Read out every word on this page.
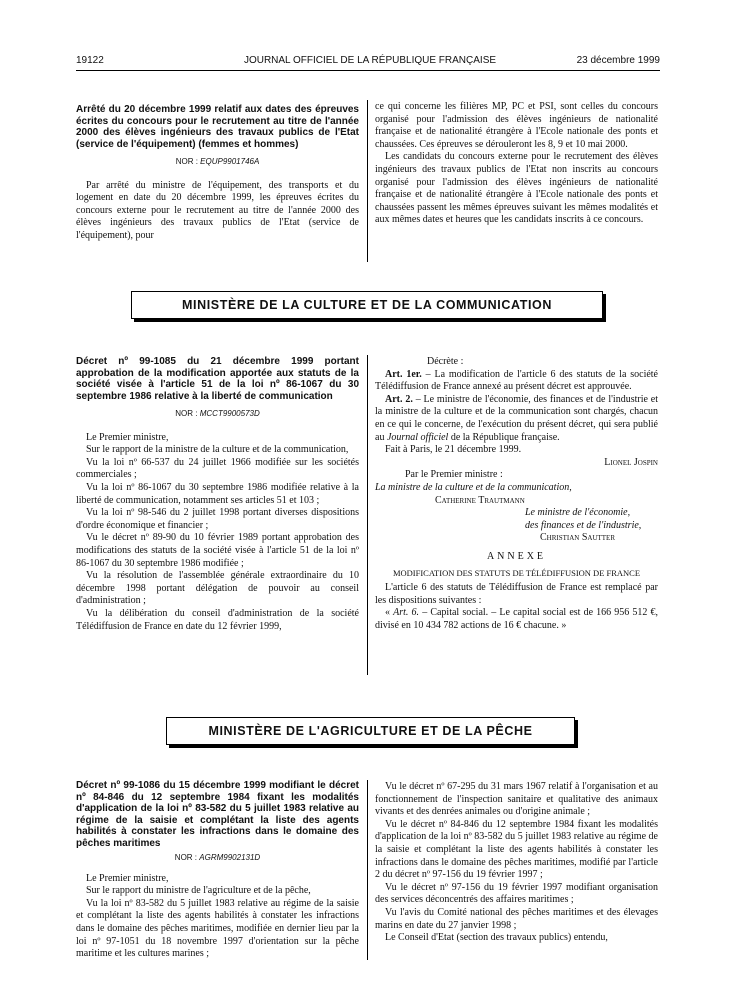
19122	JOURNAL OFFICIEL DE LA RÉPUBLIQUE FRANÇAISE	23 décembre 1999
Arrêté du 20 décembre 1999 relatif aux dates des épreuves écrites du concours pour le recrutement au titre de l'année 2000 des élèves ingénieurs des travaux publics de l'Etat (service de l'équipement) (femmes et hommes)
NOR : EQUP9901746A

Par arrêté du ministre de l'équipement, des transports et du logement en date du 20 décembre 1999, les épreuves écrites du concours externe pour le recrutement au titre de l'année 2000 des élèves ingénieurs des travaux publics de l'Etat (service de l'équipement), pour

ce qui concerne les filières MP, PC et PSI, sont celles du concours organisé pour l'admission des élèves ingénieurs de nationalité française et de nationalité étrangère à l'Ecole nationale des ponts et chaussées. Ces épreuves se dérouleront les 8, 9 et 10 mai 2000.

Les candidats du concours externe pour le recrutement des élèves ingénieurs des travaux publics de l'Etat non inscrits au concours organisé pour l'admission des élèves ingénieurs de nationalité française et de nationalité étrangère à l'Ecole nationale des ponts et chaussées passent les mêmes épreuves suivant les mêmes modalités et aux mêmes dates et heures que les candidats inscrits à ce concours.

MINISTÈRE DE LA CULTURE ET DE LA COMMUNICATION
Décret nº 99-1085 du 21 décembre 1999 portant approbation de la modification apportée aux statuts de la société visée à l'article 51 de la loi nº 86-1067 du 30 septembre 1986 relative à la liberté de communication
NOR : MCCT9900573D

Le Premier ministre,

Sur le rapport de la ministre de la culture et de la communication,

Vu la loi nº 66-537 du 24 juillet 1966 modifiée sur les sociétés commerciales ;

Vu la loi nº 86-1067 du 30 septembre 1986 modifiée relative à la liberté de communication, notamment ses articles 51 et 103 ;

Vu la loi nº 98-546 du 2 juillet 1998 portant diverses dispositions d'ordre économique et financier ;

Vu le décret nº 89-90 du 10 février 1989 portant approbation des modifications des statuts de la société visée à l'article 51 de la loi nº 86-1067 du 30 septembre 1986 modifiée ;

Vu la résolution de l'assemblée générale extraordinaire du 10 décembre 1998 portant délégation de pouvoir au conseil d'administration ;

Vu la délibération du conseil d'administration de la société Télédiffusion de France en date du 12 février 1999,

Décrète :

Art. 1er. – La modification de l'article 6 des statuts de la société Télédiffusion de France annexé au présent décret est approuvée.

Art. 2. – Le ministre de l'économie, des finances et de l'industrie et la ministre de la culture et de la communication sont chargés, chacun en ce qui le concerne, de l'exécution du présent décret, qui sera publié au Journal officiel de la République française.

Fait à Paris, le 21 décembre 1999.

Lionel Jospin
Par le Premier ministre :
La ministre de la culture et de la communication,
Catherine Trautmann
Le ministre de l'économie,
des finances et de l'industrie,
Christian Sautter
ANNEXE
MODIFICATION DES STATUTS DE TÉLÉDIFFUSION DE FRANCE

L'article 6 des statuts de Télédiffusion de France est remplacé par les dispositions suivantes :

« Art. 6. – Capital social. – Le capital social est de 166 956 512 €, divisé en 10 434 782 actions de 16 € chacune. »

MINISTÈRE DE L'AGRICULTURE ET DE LA PÊCHE
Décret nº 99-1086 du 15 décembre 1999 modifiant le décret nº 84-846 du 12 septembre 1984 fixant les modalités d'application de la loi nº 83-582 du 5 juillet 1983 relative au régime de la saisie et complétant la liste des agents habilités à constater les infractions dans le domaine des pêches maritimes
NOR : AGRM9902131D

Le Premier ministre,

Sur le rapport du ministre de l'agriculture et de la pêche,

Vu la loi nº 83-582 du 5 juillet 1983 relative au régime de la saisie et complétant la liste des agents habilités à constater les infractions dans le domaine des pêches maritimes, modifiée en dernier lieu par la loi nº 97-1051 du 18 novembre 1997 d'orientation sur la pêche maritime et les cultures marines ;

Vu le décret nº 67-295 du 31 mars 1967 relatif à l'organisation et au fonctionnement de l'inspection sanitaire et qualitative des animaux vivants et des denrées animales ou d'origine animale ;

Vu le décret nº 84-846 du 12 septembre 1984 fixant les modalités d'application de la loi nº 83-582 du 5 juillet 1983 relative au régime de la saisie et complétant la liste des agents habilités à constater les infractions dans le domaine des pêches maritimes, modifié par l'article 2 du décret nº 97-156 du 19 février 1997 ;

Vu le décret nº 97-156 du 19 février 1997 modifiant organisation des services déconcentrés des affaires maritimes ;

Vu l'avis du Comité national des pêches maritimes et des élevages marins en date du 27 janvier 1998 ;

Le Conseil d'Etat (section des travaux publics) entendu,
